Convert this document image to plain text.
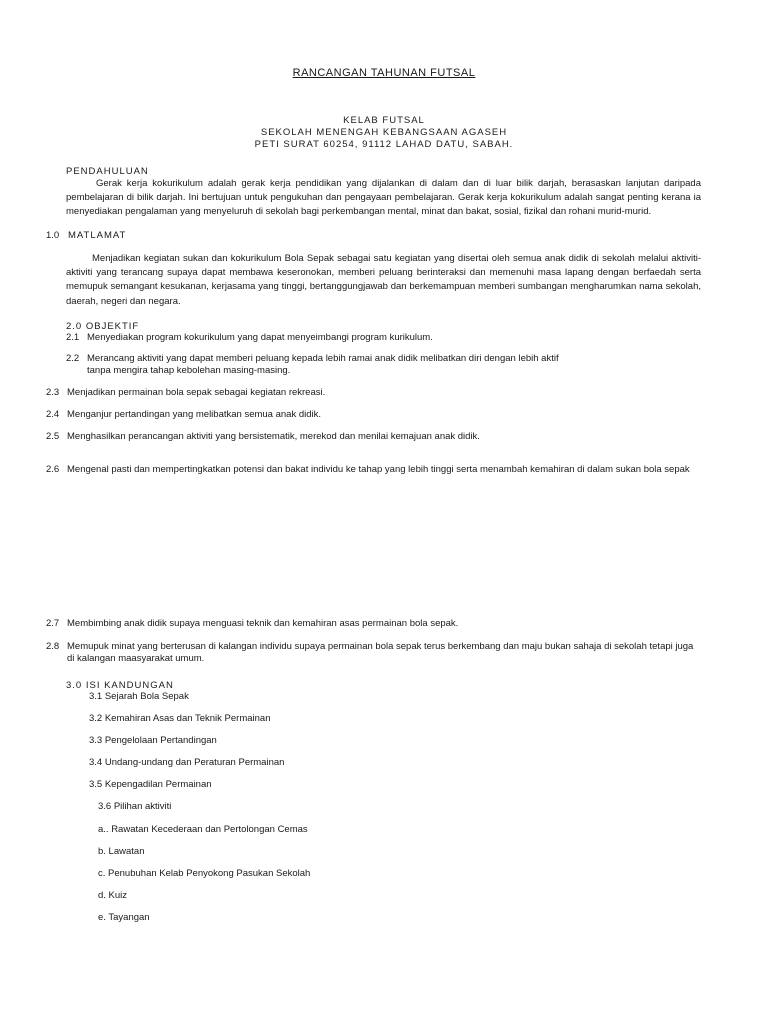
RANCANGAN TAHUNAN FUTSAL
KELAB FUTSAL
SEKOLAH MENENGAH KEBANGSAAN AGASEH
PETI SURAT 60254, 91112 LAHAD DATU, SABAH.
PENDAHULUAN
Gerak kerja kokurikulum adalah gerak kerja pendidikan yang dijalankan di dalam dan di luar bilik darjah, berasaskan lanjutan daripada pembelajaran di bilik darjah. Ini bertujuan untuk pengukuhan dan pengayaan pembelajaran. Gerak kerja kokurikulum adalah sangat penting kerana ia menyediakan pengalaman yang menyeluruh di sekolah bagi perkembangan mental, minat dan bakat, sosial, fizikal dan rohani murid-murid.
1.0 MATLAMAT
Menjadikan kegiatan sukan dan kokurikulum Bola Sepak sebagai satu kegiatan yang disertai oleh semua anak didik di sekolah melalui aktiviti-aktiviti yang terancang supaya dapat membawa keseronokan, memberi peluang berinteraksi dan memenuhi masa lapang dengan berfaedah serta memupuk semangant kesukanan, kerjasama yang tinggi, bertanggungjawab dan berkemampuan memberi sumbangan mengharumkan nama sekolah, daerah, negeri dan negara.
2.0 OBJEKTIF
2.1 Menyediakan program kokurikulum yang dapat menyeimbangi program kurikulum.
2.2 Merancang aktiviti yang dapat memberi peluang kepada lebih ramai anak didik melibatkan diri dengan lebih aktif
tanpa mengira tahap kebolehan masing-masing.
2.3 Menjadikan permainan bola sepak sebagai kegiatan rekreasi.
2.4 Menganjur pertandingan yang melibatkan semua anak didik.
2.5 Menghasilkan perancangan aktiviti yang bersistematik, merekod dan menilai kemajuan anak didik.
2.6 Mengenal pasti dan mempertingkatkan potensi dan bakat individu ke tahap yang lebih tinggi serta menambah kemahiran di dalam sukan bola sepak
2.7 Membimbing anak didik supaya menguasi teknik dan kemahiran asas permainan bola sepak.
2.8 Memupuk minat yang berterusan di kalangan individu supaya permainan bola sepak terus berkembang dan maju bukan sahaja di sekolah tetapi juga
di kalangan maasyarakat umum.
3.0 ISI KANDUNGAN
3.1 Sejarah Bola Sepak
3.2 Kemahiran Asas dan Teknik Permainan
3.3 Pengelolaan Pertandingan
3.4 Undang-undang dan Peraturan Permainan
3.5 Kepengadilan Permainan
3.6 Pilihan aktiviti
a.. Rawatan Kecederaan dan Pertolongan Cemas
b. Lawatan
c. Penubuhan Kelab Penyokong Pasukan Sekolah
d. Kuiz
e. Tayangan
